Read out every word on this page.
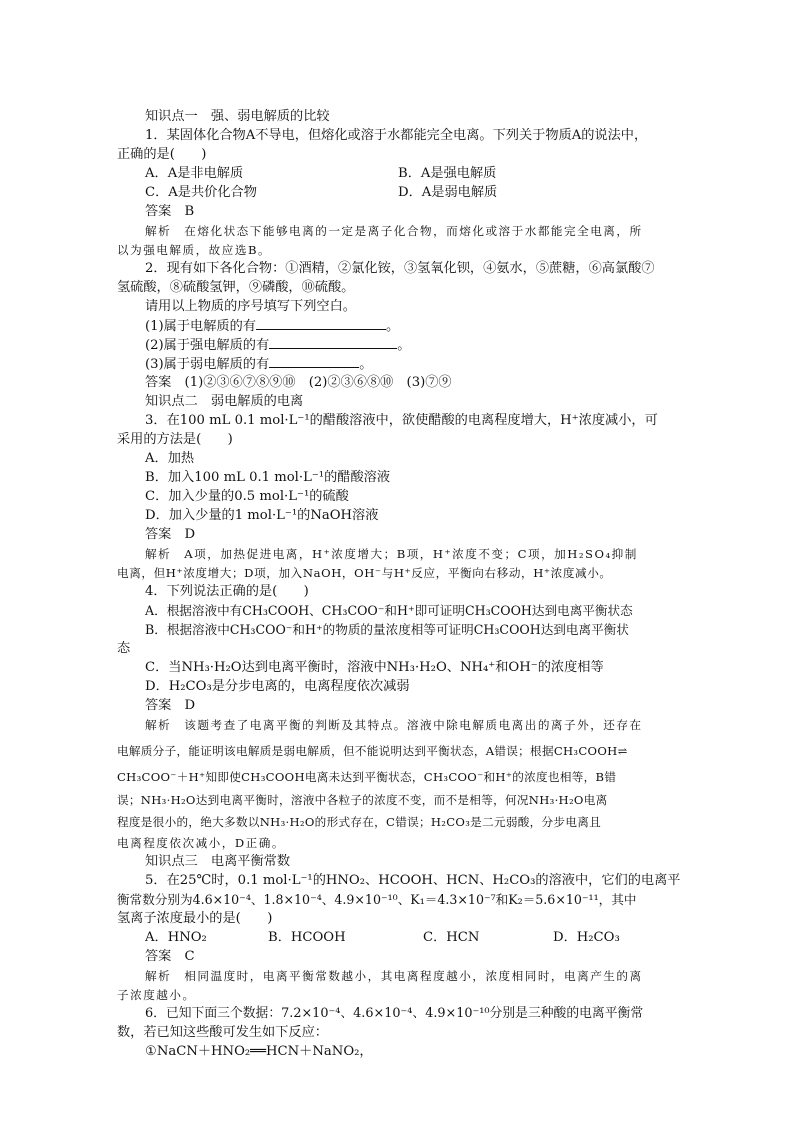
知识点一　强、弱电解质的比较
1．某固体化合物A不导电，但熔化或溶于水都能完全电离。下列关于物质A的说法中，
正确的是(　　)
A．A是非电解质	B．A是强电解质
C．A是共价化合物	D．A是弱电解质
答案　B
解析　在熔化状态下能够电离的一定是离子化合物，而熔化或溶于水都能完全电离，所
以为强电解质，故应选B。
2．现有如下各化合物：①酒精，②氯化铵，③氢氧化钡，④氨水，⑤蔗糖，⑥高氯酸⑦
氢硫酸，⑧硫酸氢钾，⑨磷酸，⑩硫酸。
请用以上物质的序号填写下列空白。
(1)属于电解质的有	。
(2)属于强电解质的有	。
(3)属于弱电解质的有	。
答案　(1)②③⑥⑦⑧⑨⑩　(2)②③⑥⑧⑩　(3)⑦⑨
知识点二　弱电解质的电离
3．在100 mL 0.1 mol·L⁻¹的醋酸溶液中，欲使醋酸的电离程度增大，H⁺浓度减小，可
采用的方法是(　　)
A．加热
B．加入100 mL 0.1 mol·L⁻¹的醋酸溶液
C．加入少量的0.5 mol·L⁻¹的硫酸
D．加入少量的1 mol·L⁻¹的NaOH溶液
答案　D
解析　A项，加热促进电离，H⁺浓度增大；B项，H⁺浓度不变；C项，加H₂SO₄抑制
电离，但H⁺浓度增大；D项，加入NaOH，OH⁻与H⁺反应，平衡向右移动，H⁺浓度减小。
4．下列说法正确的是(　　)
A．根据溶液中有CH₃COOH、CH₃COO⁻和H⁺即可证明CH₃COOH达到电离平衡状态
B．根据溶液中CH₃COO⁻和H⁺的物质的量浓度相等可证明CH₃COOH达到电离平衡状
态
C．当NH₃·H₂O达到电离平衡时，溶液中NH₃·H₂O、NH₄⁺和OH⁻的浓度相等
D．H₂CO₃是分步电离的，电离程度依次减弱
答案　D
解析　该题考查了电离平衡的判断及其特点。溶液中除电解质电离出的离子外，还存在
电解质分子，能证明该电解质是弱电解质，但不能说明达到平衡状态，A错误；根据CH₃COOH⇌
CH₃COO⁻＋H⁺知即使CH₃COOH电离未达到平衡状态，CH₃COO⁻和H⁺的浓度也相等，B错
误；NH₃·H₂O达到电离平衡时，溶液中各粒子的浓度不变，而不是相等，何况NH₃·H₂O电离
程度是很小的，绝大多数以NH₃·H₂O的形式存在，C错误；H₂CO₃是二元弱酸，分步电离且
电离程度依次减小，D正确。
知识点三　电离平衡常数
5．在25℃时，0.1 mol·L⁻¹的HNO₂、HCOOH、HCN、H₂CO₃的溶液中，它们的电离平
衡常数分别为4.6×10⁻⁴、1.8×10⁻⁴、4.9×10⁻¹⁰、K₁＝4.3×10⁻⁷和K₂＝5.6×10⁻¹¹，其中
氢离子浓度最小的是(　　)
A．HNO₂	B．HCOOH	C．HCN	D．H₂CO₃
答案　C
解析　相同温度时，电离平衡常数越小，其电离程度越小，浓度相同时，电离产生的离
子浓度越小。
6．已知下面三个数据：7.2×10⁻⁴、4.6×10⁻⁴、4.9×10⁻¹⁰分别是三种酸的电离平衡常
数，若已知这些酸可发生如下反应：
①NaCN＋HNO₂══HCN＋NaNO₂，
